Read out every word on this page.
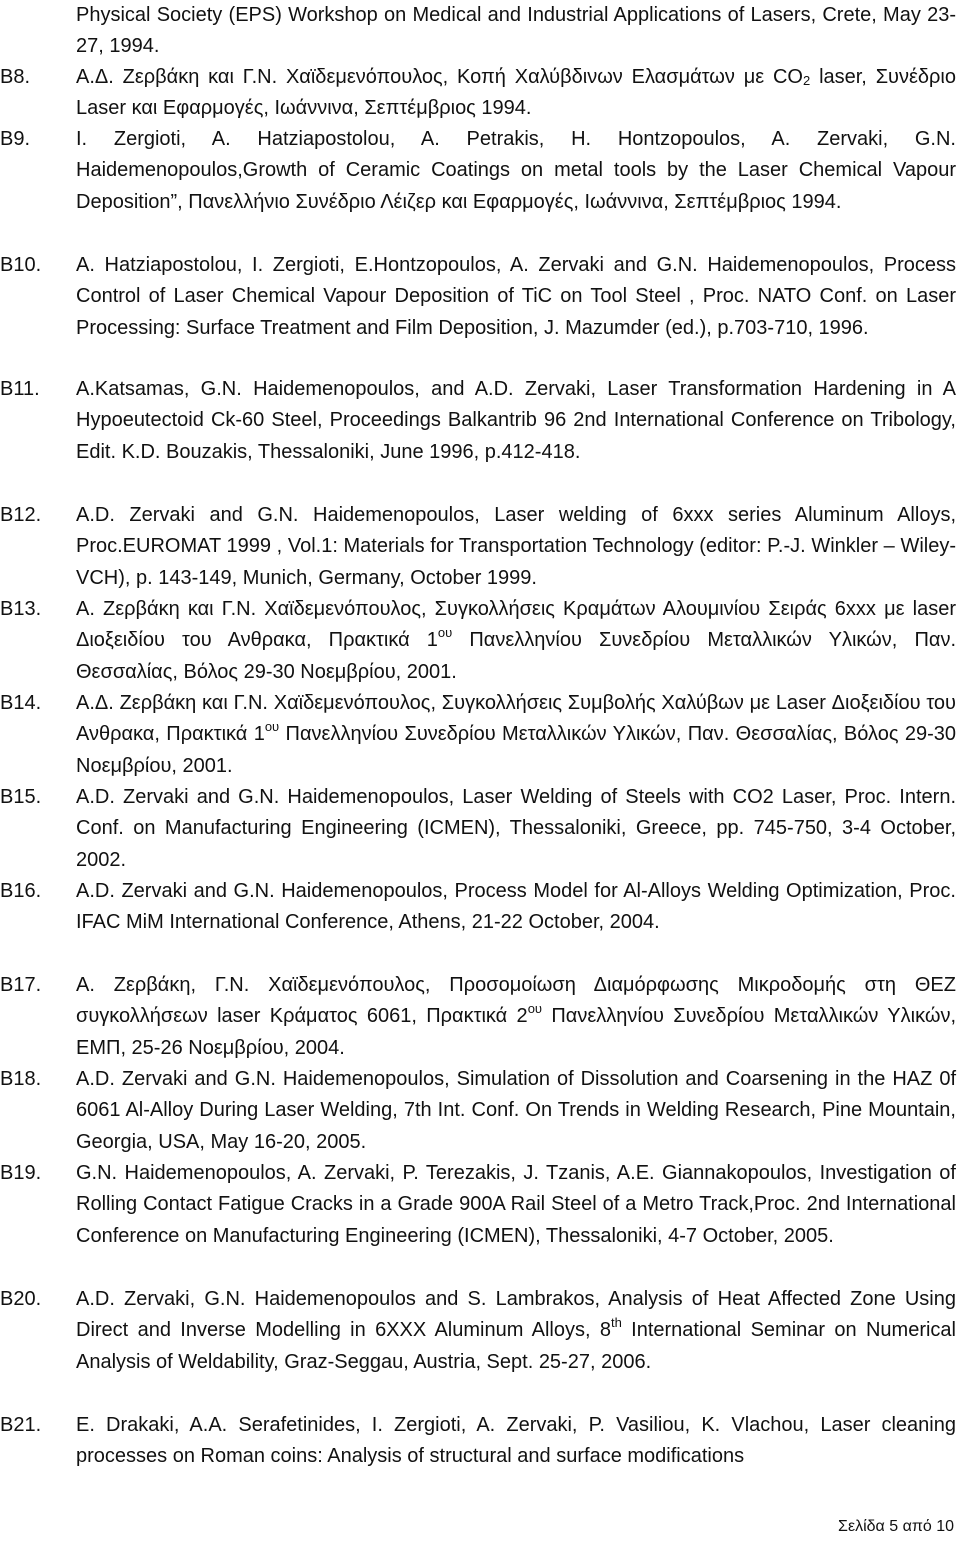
Physical Society (EPS) Workshop on Medical and Industrial Applications of Lasers, Crete, May 23-27, 1994.
B8.	A.Δ. Ζερβάκη και Γ.Ν. Χαϊδεμενόπουλος, Κοπή Χαλύβδινων Ελασμάτων με $CO_2$ laser, Συνέδριο Laser και Εφαρμογές, Ιωάννινα, Σεπτέμβριος 1994.
B9.	I. Zergioti, A. Hatziapostolou, A. Petrakis, H. Hontzopoulos, A. Zervaki, G.N. Haidemenopoulos,Growth of Ceramic Coatings on metal tools by the Laser Chemical Vapour Deposition”, Πανελλήνιο Συνέδριο Λέιζερ και Εφαρμογές, Ιωάννινα, Σεπτέμβριος 1994.
B10.	A. Hatziapostolou, I. Zergioti, E.Hontzopoulos, A. Zervaki and G.N. Haidemenopoulos, Process Control of Laser Chemical Vapour Deposition of TiC on Tool Steel , Proc. NATO Conf. on Laser Processing: Surface Treatment and Film Deposition, J. Mazumder (ed.), p.703-710, 1996.
B11.	A.Katsamas, G.N. Haidemenopoulos, and A.D. Zervaki, Laser Transformation Hardening in A Hypoeutectoid Ck-60 Steel, Proceedings Balkantrib 96 2nd International Conference on Tribology, Edit. K.D. Bouzakis, Thessaloniki, June 1996, p.412-418.
B12.	A.D. Zervaki and G.N. Haidemenopoulos, Laser welding of 6xxx series Aluminum Alloys, Proc.EUROMAT 1999 , Vol.1: Materials for Transportation Technology (editor: P.-J. Winkler – Wiley-VCH), p. 143-149, Munich, Germany, October 1999.
B13.	Α. Ζερβάκη και Γ.Ν. Χαϊδεμενόπουλος, Συγκολλήσεις Κραμάτων Αλουμινίου Σειράς 6xxx με laser Διοξειδίου του Ανθρακα, Πρακτικά $1^{o\upsilon}$ Πανελληνίου Συνεδρίου Μεταλλικών Υλικών, Παν. Θεσσαλίας, Βόλος 29-30 Νοεμβρίου, 2001.
B14.	Α.Δ. Ζερβάκη και Γ.Ν. Χαϊδεμενόπουλος, Συγκολλήσεις Συμβολής Χαλύβων με Laser Διοξειδίου του Ανθρακα, Πρακτικά $1^{o\upsilon}$ Πανελληνίου Συνεδρίου Μεταλλικών Υλικών, Παν. Θεσσαλίας, Βόλος 29-30 Νοεμβρίου, 2001.
B15.	A.D. Zervaki and G.N. Haidemenopoulos, Laser Welding of Steels with CO2 Laser, Proc. Intern. Conf. on Manufacturing Engineering (ICMEN), Thessaloniki, Greece, pp. 745-750, 3-4 October, 2002.
B16.	A.D. Zervaki and G.N. Haidemenopoulos, Process Model for Al-Alloys Welding Optimization, Proc. IFAC MiM International Conference, Athens, 21-22 October, 2004.
B17.	Α. Ζερβάκη, Γ.Ν. Χαϊδεμενόπουλος, Προσομοίωση Διαμόρφωσης Μικροδομής στη ΘΕΖ συγκολλήσεων laser Κράματος 6061, Πρακτικά $2^{o\upsilon}$ Πανελληνίου Συνεδρίου Μεταλλικών Υλικών, ΕΜΠ, 25-26 Νοεμβρίου, 2004.
B18.	A.D. Zervaki and G.N. Haidemenopoulos, Simulation of Dissolution and Coarsening in the HAZ 0f 6061 Al-Alloy During Laser Welding, 7th Int. Conf. On Trends in Welding Research, Pine Mountain, Georgia, USA, May 16-20, 2005.
B19.	G.N. Haidemenopoulos, A. Zervaki, P. Terezakis, J. Tzanis, A.E. Giannakopoulos, Investigation of Rolling Contact Fatigue Cracks in a Grade 900A Rail Steel of a Metro Track,Proc. 2nd International Conference on Manufacturing Engineering (ICMEN), Thessaloniki, 4-7 October, 2005.
B20.	A.D. Zervaki, G.N. Haidemenopoulos and S. Lambrakos, Analysis of Heat Affected Zone Using Direct and Inverse Modelling in 6XXX Aluminum Alloys, 8th International Seminar on Numerical Analysis of Weldability, Graz-Seggau, Austria, Sept. 25-27, 2006.
B21.	E. Drakaki, A.A. Serafetinides, I. Zergioti, A. Zervaki, P. Vasiliou, K. Vlachou, Laser cleaning processes on Roman coins: Analysis of structural and surface modifications
Σελίδα 5 από 10
